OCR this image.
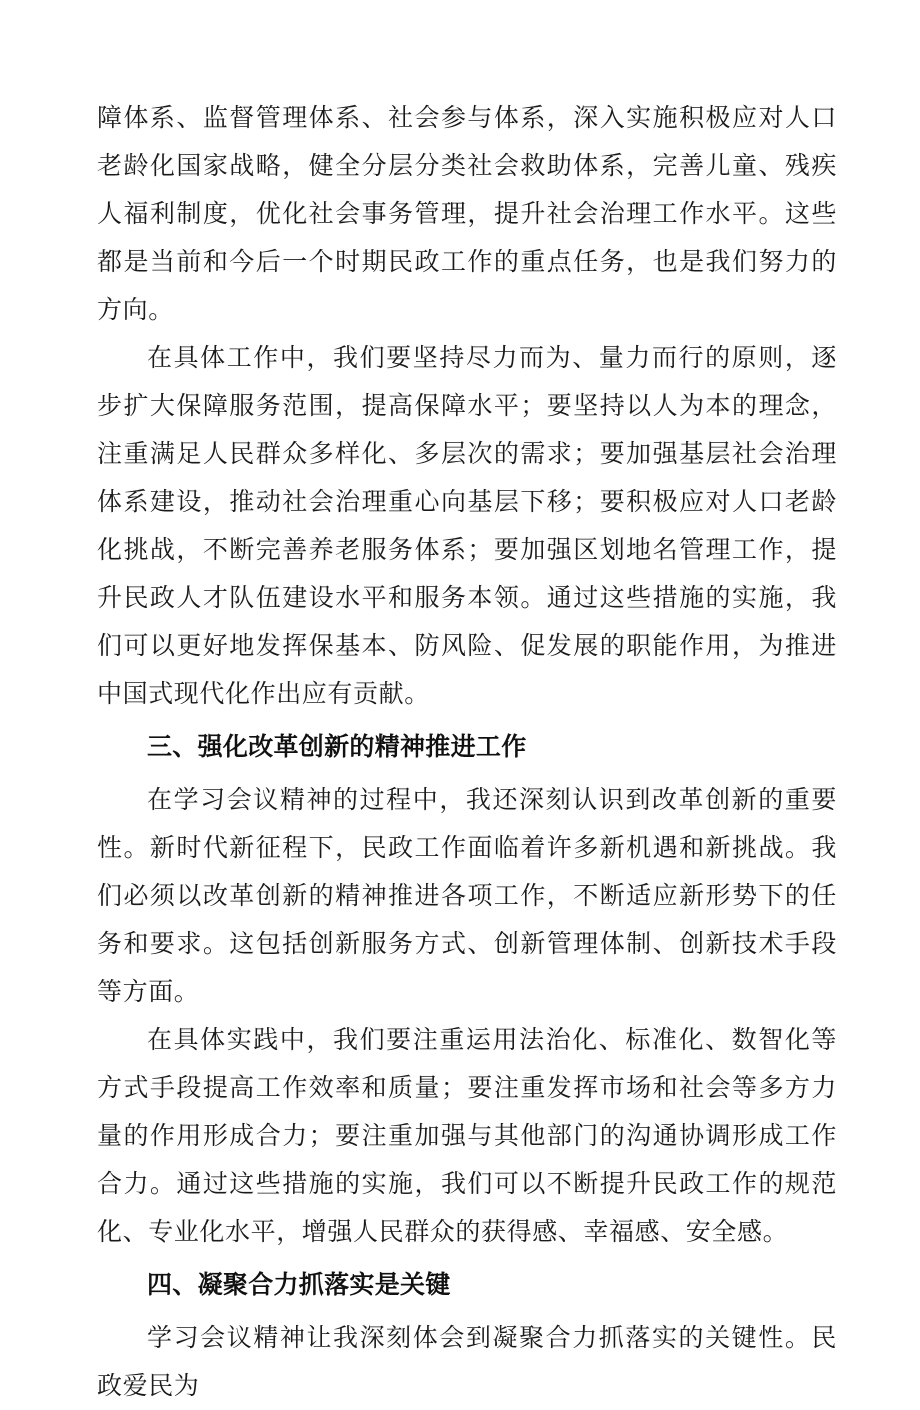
障体系、监督管理体系、社会参与体系，深入实施积极应对人口老龄化国家战略，健全分层分类社会救助体系，完善儿童、残疾人福利制度，优化社会事务管理，提升社会治理工作水平。这些都是当前和今后一个时期民政工作的重点任务，也是我们努力的方向。

在具体工作中，我们要坚持尽力而为、量力而行的原则，逐步扩大保障服务范围，提高保障水平；要坚持以人为本的理念，注重满足人民群众多样化、多层次的需求；要加强基层社会治理体系建设，推动社会治理重心向基层下移；要积极应对人口老龄化挑战，不断完善养老服务体系；要加强区划地名管理工作，提升民政人才队伍建设水平和服务本领。通过这些措施的实施，我们可以更好地发挥保基本、防风险、促发展的职能作用，为推进中国式现代化作出应有贡献。

三、强化改革创新的精神推进工作

在学习会议精神的过程中，我还深刻认识到改革创新的重要性。新时代新征程下，民政工作面临着许多新机遇和新挑战。我们必须以改革创新的精神推进各项工作，不断适应新形势下的任务和要求。这包括创新服务方式、创新管理体制、创新技术手段等方面。

在具体实践中，我们要注重运用法治化、标准化、数智化等方式手段提高工作效率和质量；要注重发挥市场和社会等多方力量的作用形成合力；要注重加强与其他部门的沟通协调形成工作合力。通过这些措施的实施，我们可以不断提升民政工作的规范化、专业化水平，增强人民群众的获得感、幸福感、安全感。

四、凝聚合力抓落实是关键

学习会议精神让我深刻体会到凝聚合力抓落实的关键性。民政爱民为
